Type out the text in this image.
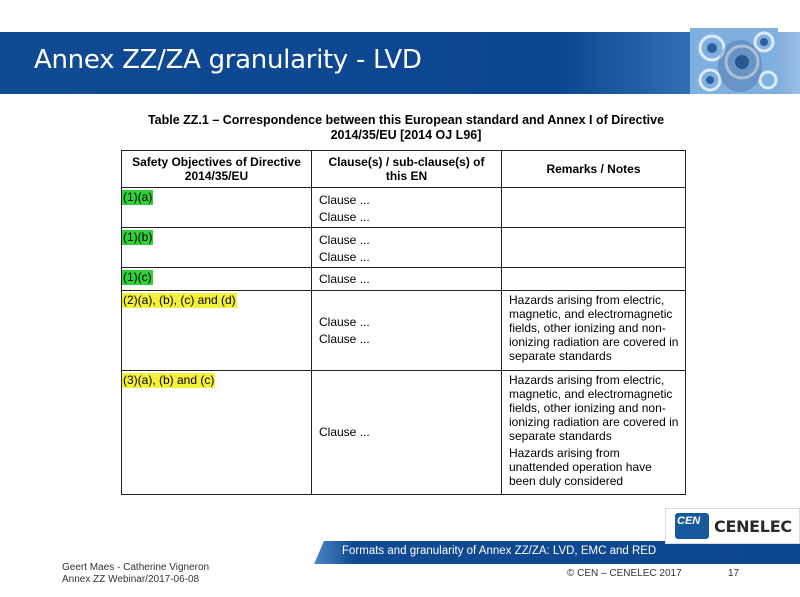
Annex ZZ/ZA granularity - LVD
Table ZZ.1 – Correspondence between this European standard and Annex I of Directive
2014/35/EU [2014 OJ L96]
Safety Objectives of Directive 2014/35/EU	Clause(s) / sub-clause(s) of this EN	Remarks / Notes
(1)(a)	Clause ...
Clause ...	

(1)(b)	Clause ...
Clause ...	

(1)(c)	Clause ...	

(2)(a), (b), (c) and (d)	Clause ...
Clause ...	Hazards arising from electric, magnetic, and electromagnetic fields, other ionizing and non-ionizing radiation are covered in separate standards

(3)(a), (b) and (c)	Clause ...	Hazards arising from electric, magnetic, and electromagnetic fields, other ionizing and non-ionizing radiation are covered in separate standards

Hazards arising from unattended operation have been duly considered

Formats and granularity of Annex ZZ/ZA: LVD, EMC and RED
CEN CENELEC
Geert Maes - Catherine Vigneron
Annex ZZ Webinar/2017-06-08
© CEN – CENELEC 2017	17
